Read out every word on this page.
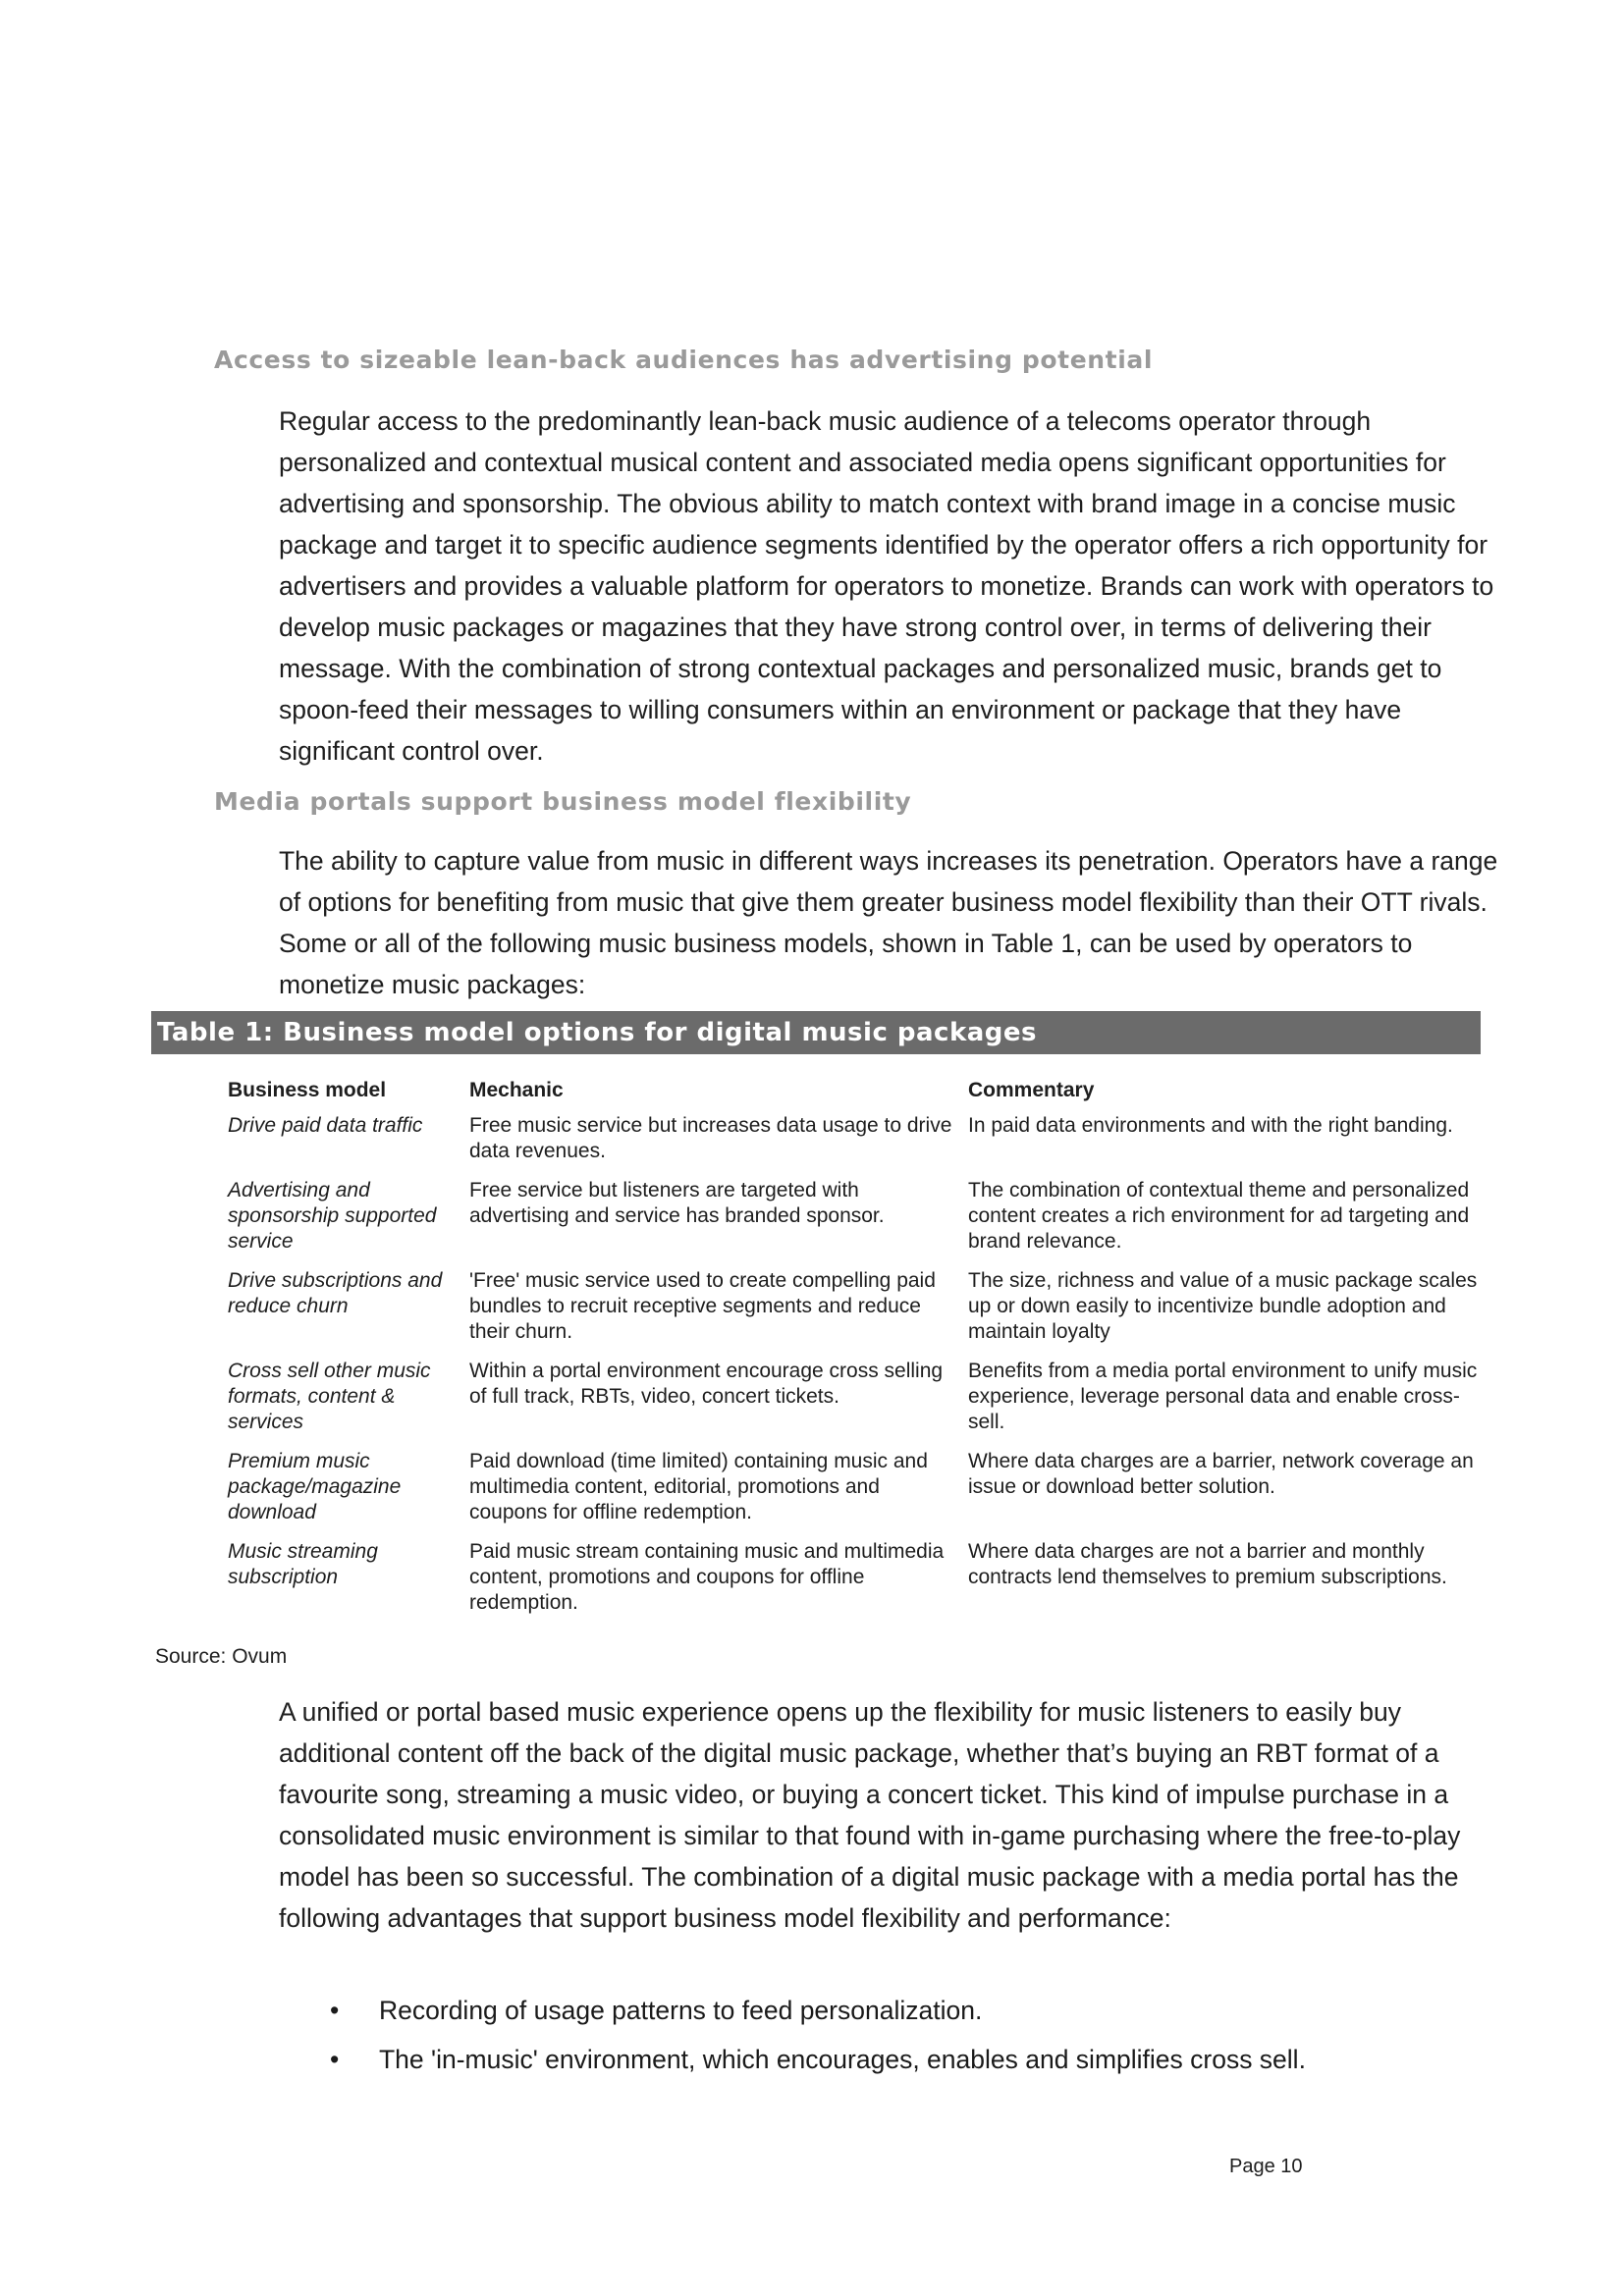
Access to sizeable lean-back audiences has advertising potential
Regular access to the predominantly lean-back music audience of a telecoms operator through personalized and contextual musical content and associated media opens significant opportunities for advertising and sponsorship. The obvious ability to match context with brand image in a concise music package and target it to specific audience segments identified by the operator offers a rich opportunity for advertisers and provides a valuable platform for operators to monetize. Brands can work with operators to develop music packages or magazines that they have strong control over, in terms of delivering their message. With the combination of strong contextual packages and personalized music, brands get to spoon-feed their messages to willing consumers within an environment or package that they have significant control over.
Media portals support business model flexibility
The ability to capture value from music in different ways increases its penetration. Operators have a range of options for benefiting from music that give them greater business model flexibility than their OTT rivals. Some or all of the following music business models, shown in Table 1, can be used by operators to monetize music packages:
Table 1: Business model options for digital music packages
Business model	Mechanic	Commentary
Drive paid data traffic	Free music service but increases data usage to drive data revenues.	In paid data environments and with the right banding.
Advertising and sponsorship supported service	Free service but listeners are targeted with advertising and service has branded sponsor.	The combination of contextual theme and personalized content creates a rich environment for ad targeting and brand relevance.
Drive subscriptions and reduce churn	'Free' music service used to create compelling paid bundles to recruit receptive segments and reduce their churn.	The size, richness and value of a music package scales up or down easily to incentivize bundle adoption and maintain loyalty
Cross sell other music formats, content & services	Within a portal environment encourage cross selling of full track, RBTs, video, concert tickets.	Benefits from a media portal environment to unify music experience, leverage personal data and enable cross-sell.
Premium music package/magazine download	Paid download (time limited) containing music and multimedia content, editorial, promotions and coupons for offline redemption.	Where data charges are a barrier, network coverage an issue or download better solution.
Music streaming subscription	Paid music stream containing music and multimedia content, promotions and coupons for offline redemption.	Where data charges are not a barrier and monthly contracts lend themselves to premium subscriptions.
Source: Ovum
A unified or portal based music experience opens up the flexibility for music listeners to easily buy additional content off the back of the digital music package, whether that’s buying an RBT format of a favourite song, streaming a music video, or buying a concert ticket. This kind of impulse purchase in a consolidated music environment is similar to that found with in-game purchasing where the free-to-play model has been so successful. The combination of a digital music package with a media portal has the following advantages that support business model flexibility and performance:
• Recording of usage patterns to feed personalization.
• The 'in-music' environment, which encourages, enables and simplifies cross sell.
Page 10
